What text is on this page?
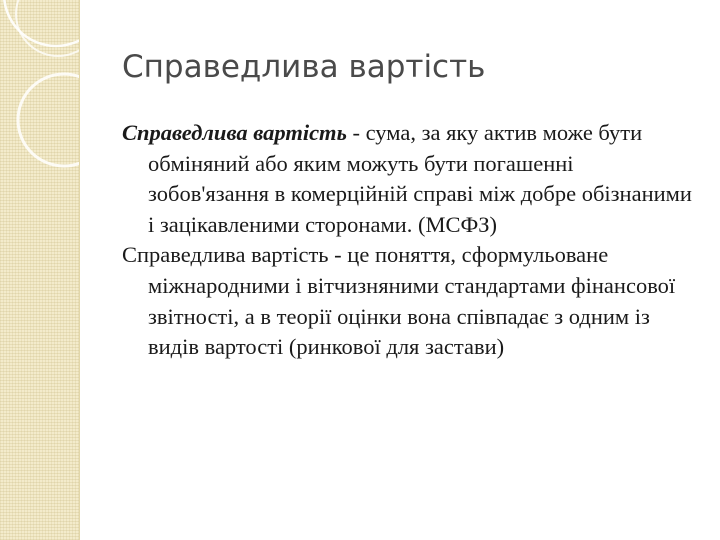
Справедлива вартість

Справедлива вартість - сума, за яку актив може бути обміняний або яким можуть бути погашенні зобов'язання в комерційній справі між добре обізнаними і зацікавленими сторонами. (МСФЗ)

Справедлива вартість - це поняття, сформульоване міжнародними і вітчизняними стандартами фінансової звітності, а в теорії оцінки вона співпадає з одним із видів вартості (ринкової для застави)
